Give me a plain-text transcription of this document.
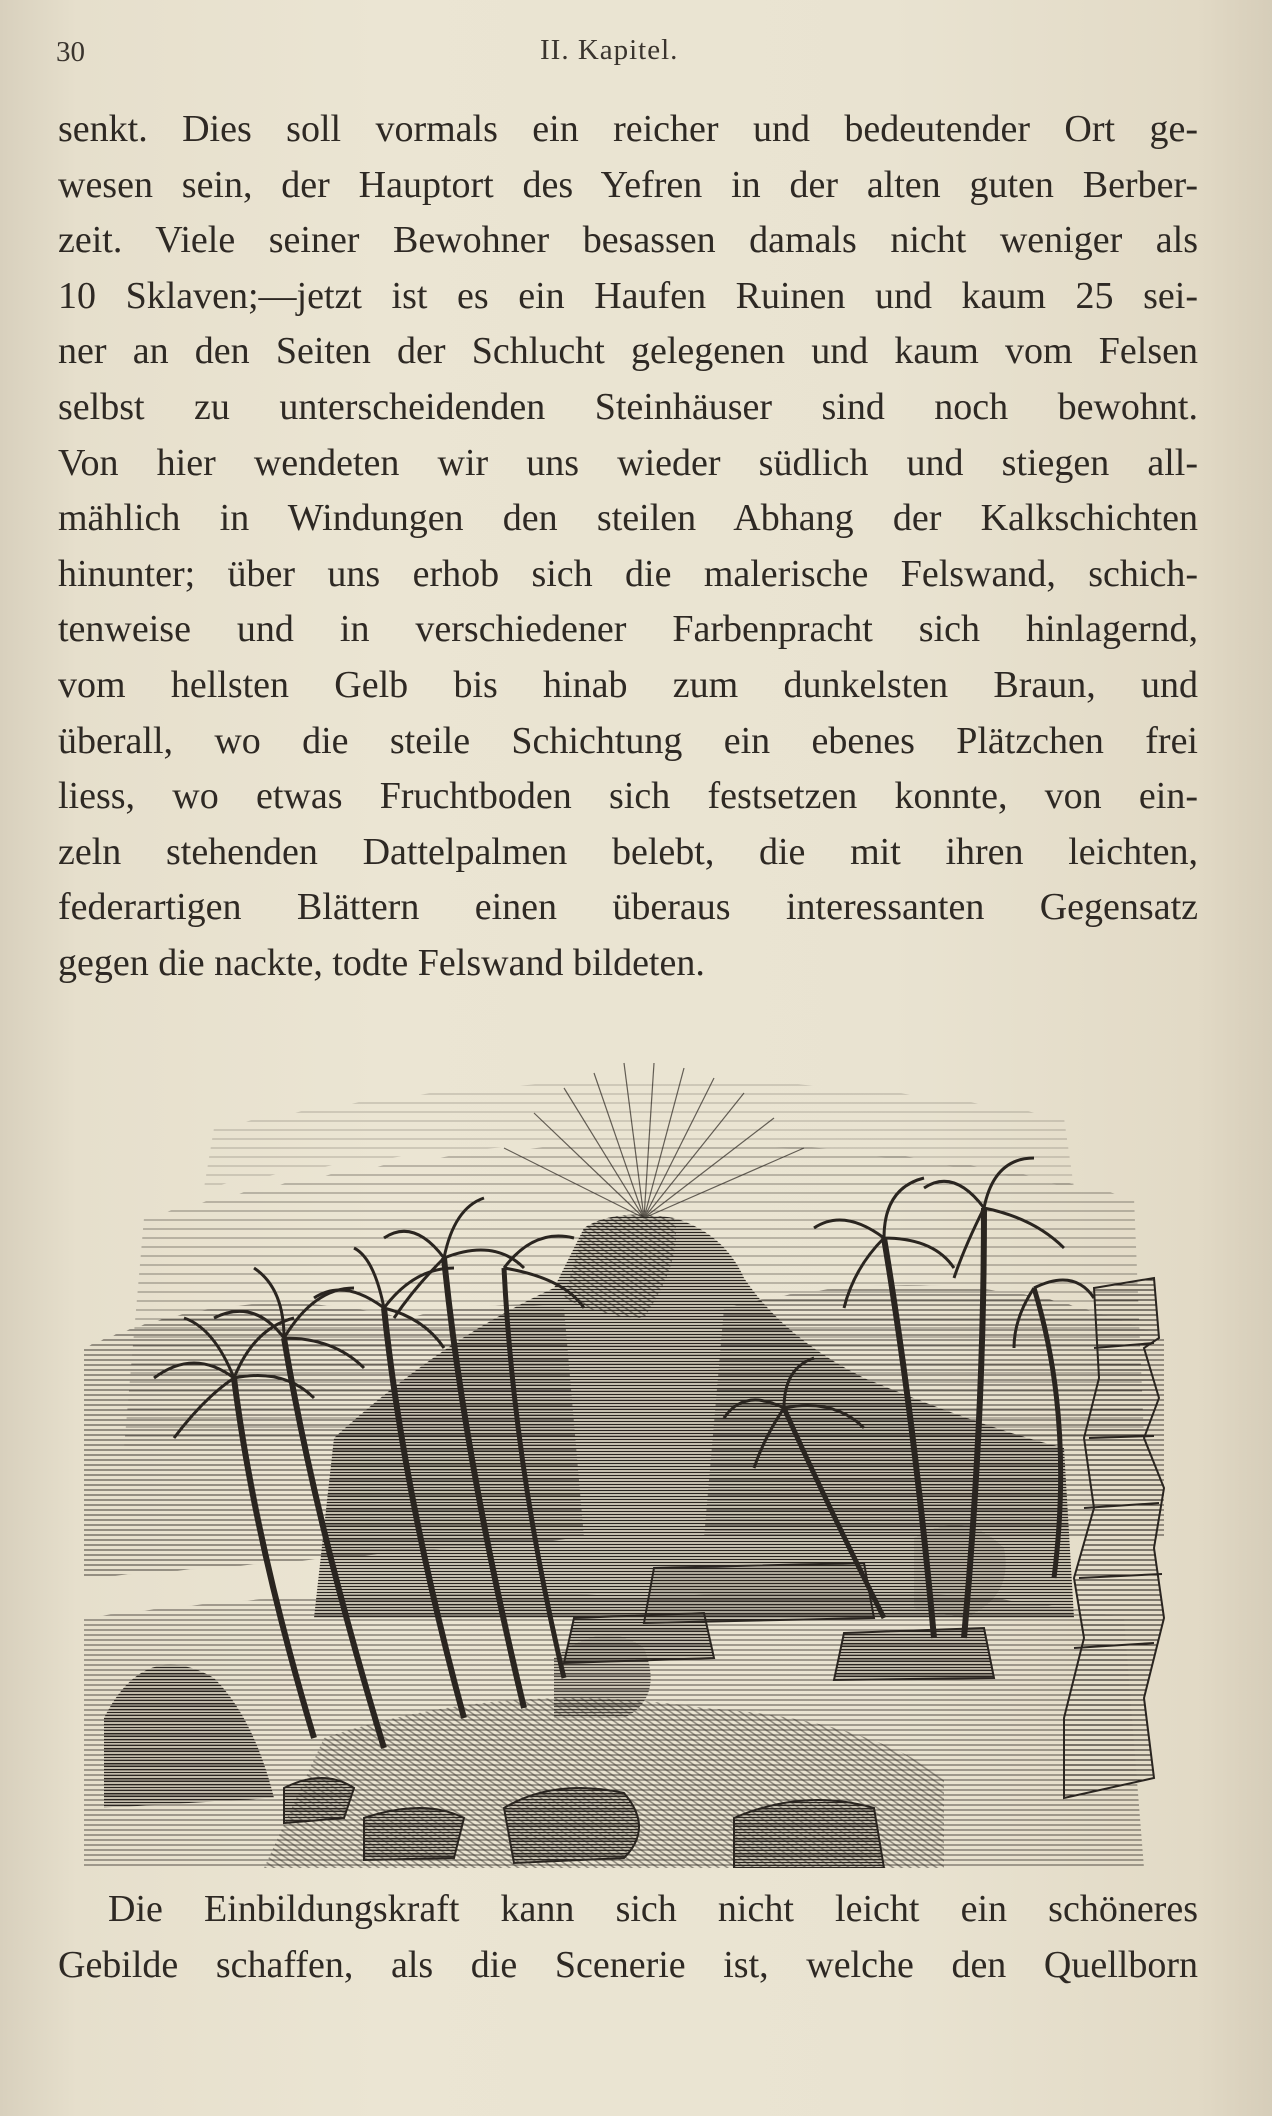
30	II. Kapitel.
senkt. Dies soll vormals ein reicher und bedeutender Ort ge-
wesen sein, der Hauptort des Yefren in der alten guten Berber-
zeit. Viele seiner Bewohner besassen damals nicht weniger als
10 Sklaven;—jetzt ist es ein Haufen Ruinen und kaum 25 sei-
ner an den Seiten der Schlucht gelegenen und kaum vom Felsen
selbst zu unterscheidenden Steinhäuser sind noch bewohnt.
Von hier wendeten wir uns wieder südlich und stiegen all-
mählich in Windungen den steilen Abhang der Kalkschichten
hinunter; über uns erhob sich die malerische Felswand, schich-
tenweise und in verschiedener Farbenpracht sich hinlagernd,
vom hellsten Gelb bis hinab zum dunkelsten Braun, und
überall, wo die steile Schichtung ein ebenes Plätzchen frei
liess, wo etwas Fruchtboden sich festsetzen konnte, von ein-
zeln stehenden Dattelpalmen belebt, die mit ihren leichten,
federartigen Blättern einen überaus interessanten Gegensatz
gegen die nackte, todte Felswand bildeten.
Die Einbildungskraft kann sich nicht leicht ein schöneres
Gebilde schaffen, als die Scenerie ist, welche den Quellborn
